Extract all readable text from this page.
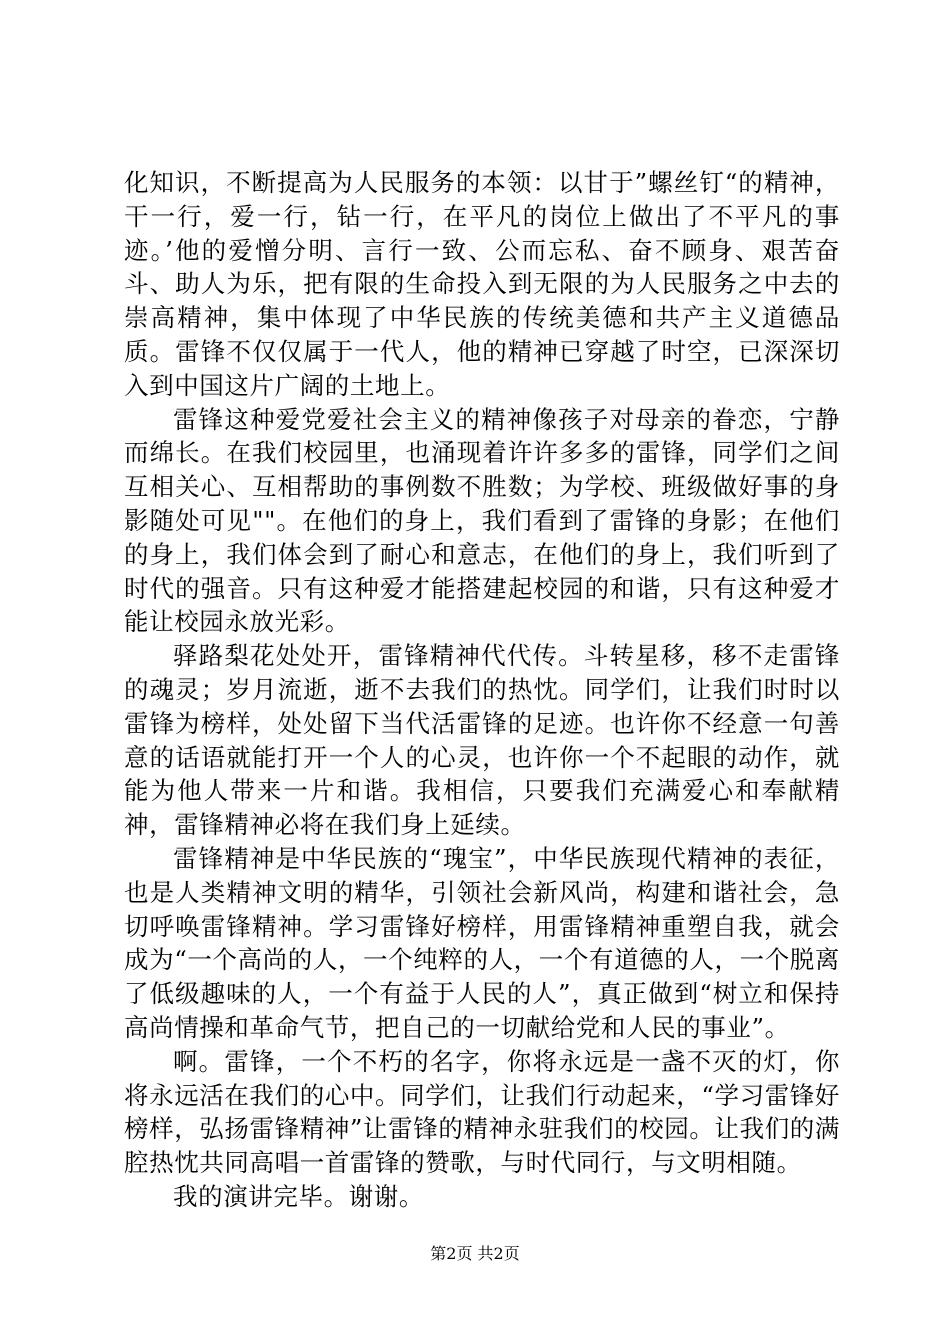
化知识，不断提高为人民服务的本领：以甘于”螺丝钉“的精神，干一行，爱一行，钻一行，在平凡的岗位上做出了不平凡的事迹。’他的爱憎分明、言行一致、公而忘私、奋不顾身、艰苦奋斗、助人为乐，把有限的生命投入到无限的为人民服务之中去的崇高精神，集中体现了中华民族的传统美德和共产主义道德品质。雷锋不仅仅属于一代人，他的精神已穿越了时空，已深深切入到中国这片广阔的土地上。

雷锋这种爱党爱社会主义的精神像孩子对母亲的眷恋，宁静而绵长。在我们校园里，也涌现着许许多多的雷锋，同学们之间互相关心、互相帮助的事例数不胜数；为学校、班级做好事的身影随处可见""。在他们的身上，我们看到了雷锋的身影；在他们的身上，我们体会到了耐心和意志，在他们的身上，我们听到了时代的强音。只有这种爱才能搭建起校园的和谐，只有这种爱才能让校园永放光彩。

驿路梨花处处开，雷锋精神代代传。斗转星移，移不走雷锋的魂灵；岁月流逝，逝不去我们的热忱。同学们，让我们时时以雷锋为榜样，处处留下当代活雷锋的足迹。也许你不经意一句善意的话语就能打开一个人的心灵，也许你一个不起眼的动作，就能为他人带来一片和谐。我相信，只要我们充满爱心和奉献精神，雷锋精神必将在我们身上延续。

雷锋精神是中华民族的“瑰宝”，中华民族现代精神的表征，也是人类精神文明的精华，引领社会新风尚，构建和谐社会，急切呼唤雷锋精神。学习雷锋好榜样，用雷锋精神重塑自我，就会成为“一个高尚的人，一个纯粹的人，一个有道德的人，一个脱离了低级趣味的人，一个有益于人民的人”，真正做到“树立和保持高尚情操和革命气节，把自己的一切献给党和人民的事业”。

啊。雷锋，一个不朽的名字，你将永远是一盏不灭的灯，你将永远活在我们的心中。同学们，让我们行动起来，“学习雷锋好榜样，弘扬雷锋精神”让雷锋的精神永驻我们的校园。让我们的满腔热忱共同高唱一首雷锋的赞歌，与时代同行，与文明相随。

我的演讲完毕。谢谢。

第2页 共2页
